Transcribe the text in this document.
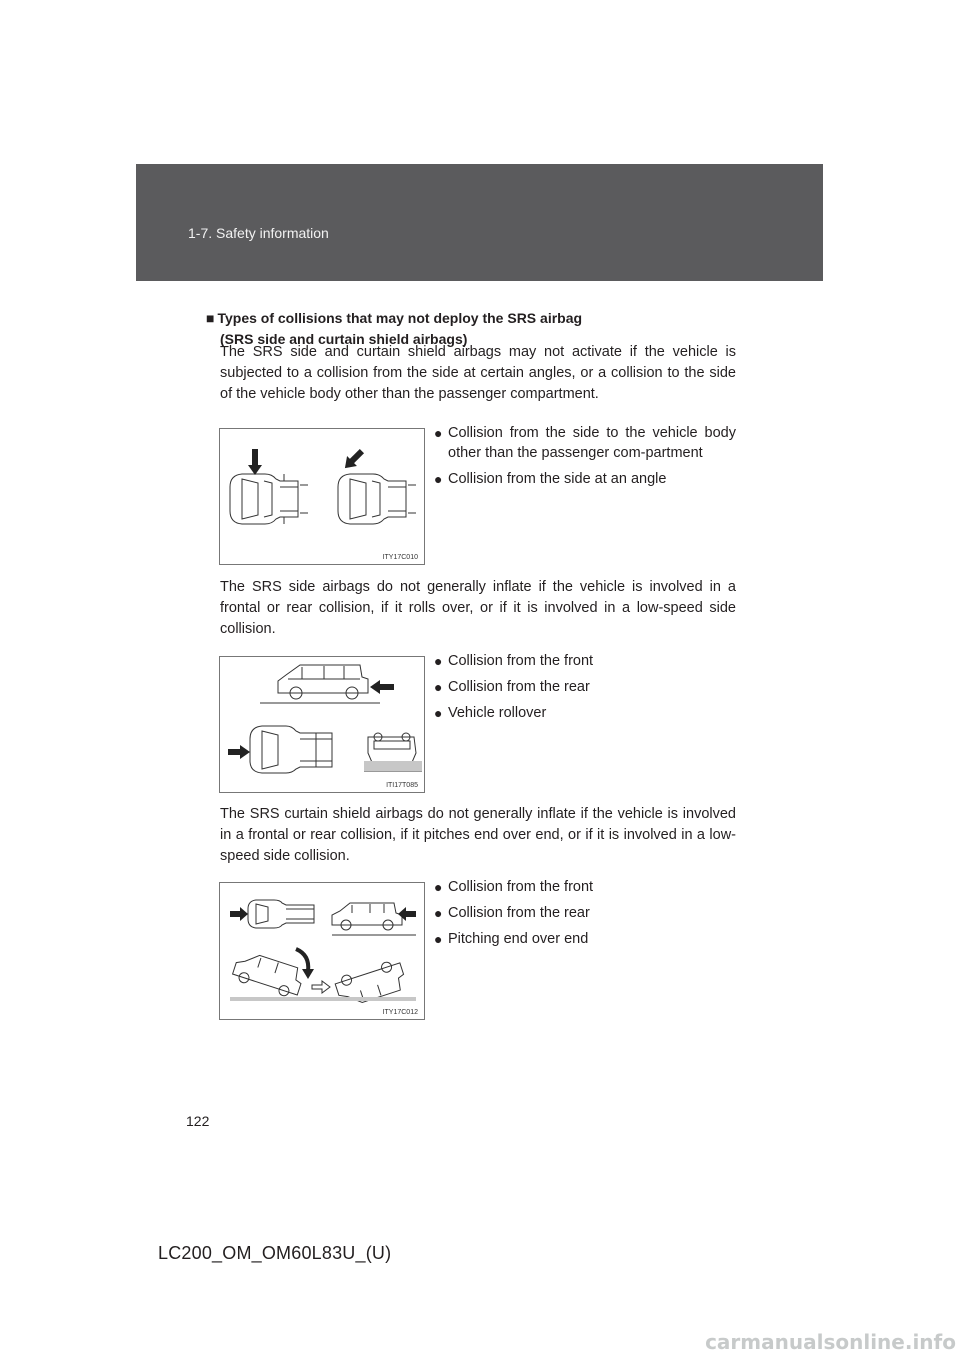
1-7. Safety information
■ Types of collisions that may not deploy the SRS airbag
(SRS side and curtain shield airbags)

The SRS side and curtain shield airbags may not activate if the vehicle is subjected to a collision from the side at certain angles, or a collision to the side of the vehicle body other than the passenger compartment.

ITY17C010
● Collision from the side to the vehicle body other than the passenger com-partment
● Collision from the side at an angle

The SRS side airbags do not generally inflate if the vehicle is involved in a frontal or rear collision, if it rolls over, or if it is involved in a low-speed side collision.

ITI17T085
● Collision from the front
● Collision from the rear
● Vehicle rollover

The SRS curtain shield airbags do not generally inflate if the vehicle is involved in a frontal or rear collision, if it pitches end over end, or if it is involved in a low-speed side collision.

ITY17C012
● Collision from the front
● Collision from the rear
● Pitching end over end
122
LC200_OM_OM60L83U_(U)
carmanualsonline.info
